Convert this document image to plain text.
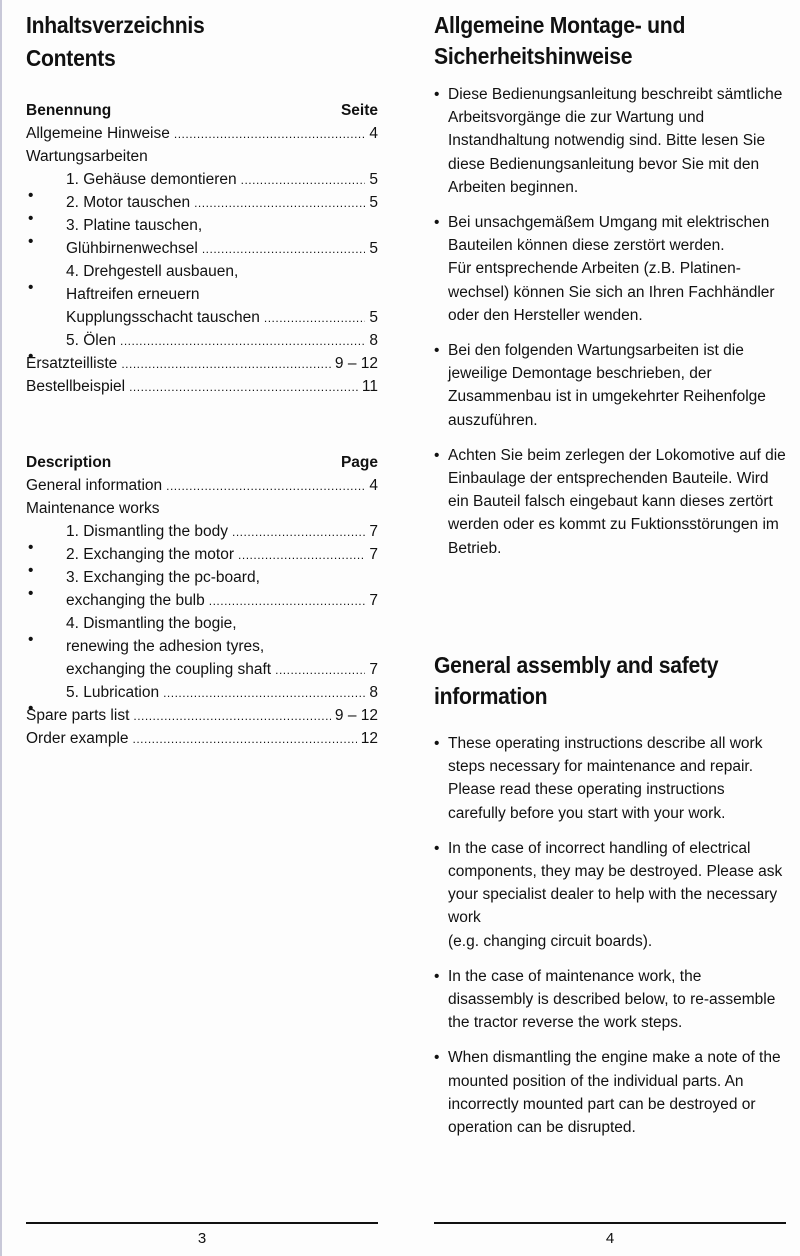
Inhaltsverzeichnis
Contents
Benennung	Seite
Allgemeine Hinweise .....	4
Wartungsarbeiten
1. Gehäuse demontieren .....	5
2. Motor tauschen .....	5
3. Platine tauschen,
Glühbirnenwechsel .....	5
4. Drehgestell ausbauen,
Haftreifen erneuern
Kupplungsschacht tauschen .....	5
5. Ölen .....	8
Ersatzteilliste .....	9 – 12
Bestellbeispiel .....	11
Description	Page
General information .....	4
Maintenance works
1. Dismantling the body .....	7
2. Exchanging the motor .....	7
3. Exchanging the pc-board,
exchanging the bulb .....	7
4. Dismantling the bogie,
renewing the adhesion tyres,
exchanging the coupling shaft .....	7
5. Lubrication .....	8
Spare parts list .....	9 – 12
Order example .....	12
3
Allgemeine Montage- und
Sicherheitshinweise
• Diese Bedienungsanleitung beschreibt sämtliche Arbeitsvorgänge die zur Wartung und Instandhaltung notwendig sind. Bitte lesen Sie diese Bedienungsanleitung bevor Sie mit den Arbeiten beginnen.
• Bei unsachgemäßem Umgang mit elektrischen Bauteilen können diese zerstört werden.
Für entsprechende Arbeiten (z.B. Platinen-wechsel) können Sie sich an Ihren Fachhändler oder den Hersteller wenden.
• Bei den folgenden Wartungsarbeiten ist die jeweilige Demontage beschrieben, der Zusammenbau ist in umgekehrter Reihenfolge auszuführen.
• Achten Sie beim zerlegen der Lokomotive auf die Einbaulage der entsprechenden Bauteile. Wird ein Bauteil falsch eingebaut kann dieses zertört werden oder es kommt zu Fuktionsstörungen im Betrieb.
General assembly and safety
information
• These operating instructions describe all work steps necessary for maintenance and repair. Please read these operating instructions carefully before you start with your work.
• In the case of incorrect handling of electrical components, they may be destroyed. Please ask your specialist dealer to help with the necessary work
(e.g. changing circuit boards).
• In the case of maintenance work, the disassembly is described below, to re-assemble the tractor reverse the work steps.
• When dismantling the engine make a note of the mounted position of the individual parts. An incorrectly mounted part can be destroyed or operation can be disrupted.
4
